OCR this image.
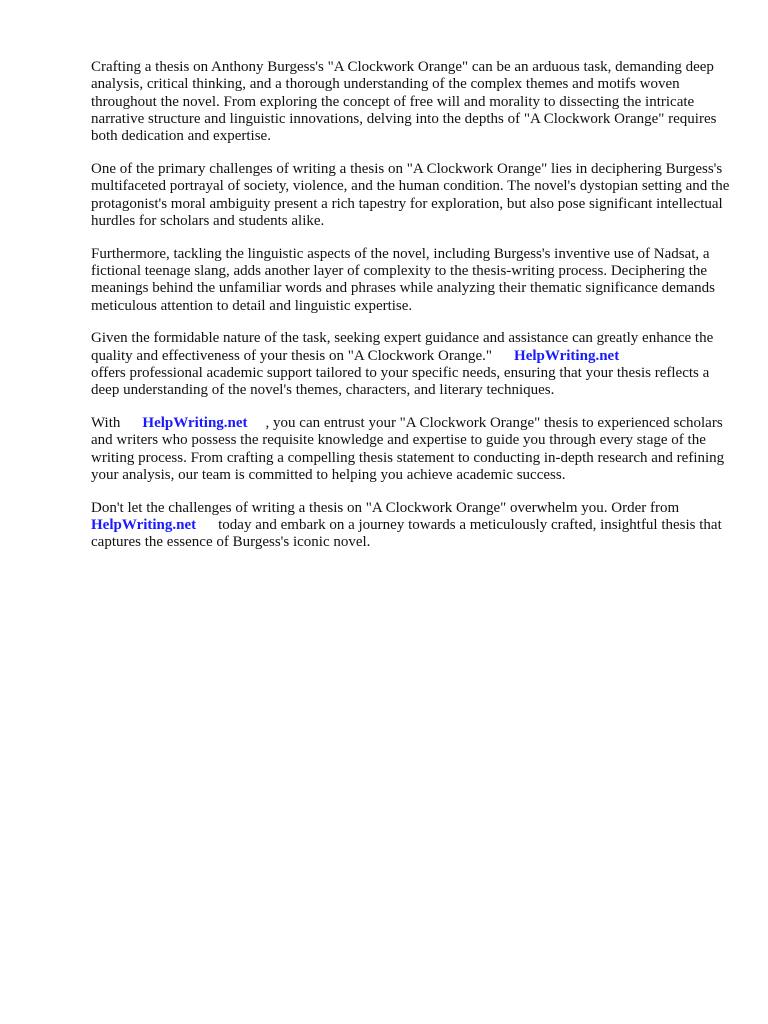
Crafting a thesis on Anthony Burgess's "A Clockwork Orange" can be an arduous task, demanding deep analysis, critical thinking, and a thorough understanding of the complex themes and motifs woven throughout the novel. From exploring the concept of free will and morality to dissecting the intricate narrative structure and linguistic innovations, delving into the depths of "A Clockwork Orange" requires both dedication and expertise.

One of the primary challenges of writing a thesis on "A Clockwork Orange" lies in deciphering Burgess's multifaceted portrayal of society, violence, and the human condition. The novel's dystopian setting and the protagonist's moral ambiguity present a rich tapestry for exploration, but also pose significant intellectual hurdles for scholars and students alike.

Furthermore, tackling the linguistic aspects of the novel, including Burgess's inventive use of Nadsat, a fictional teenage slang, adds another layer of complexity to the thesis-writing process. Deciphering the meanings behind the unfamiliar words and phrases while analyzing their thematic significance demands meticulous attention to detail and linguistic expertise.

Given the formidable nature of the task, seeking expert guidance and assistance can greatly enhance the quality and effectiveness of your thesis on "A Clockwork Orange." HelpWriting.net
offers professional academic support tailored to your specific needs, ensuring that your thesis reflects a deep understanding of the novel's themes, characters, and literary techniques.

With HelpWriting.net , you can entrust your "A Clockwork Orange" thesis to experienced scholars and writers who possess the requisite knowledge and expertise to guide you through every stage of the writing process. From crafting a compelling thesis statement to conducting in-depth research and refining your analysis, our team is committed to helping you achieve academic success.

Don't let the challenges of writing a thesis on "A Clockwork Orange" overwhelm you. Order from
HelpWriting.net today and embark on a journey towards a meticulously crafted, insightful thesis that captures the essence of Burgess's iconic novel.
